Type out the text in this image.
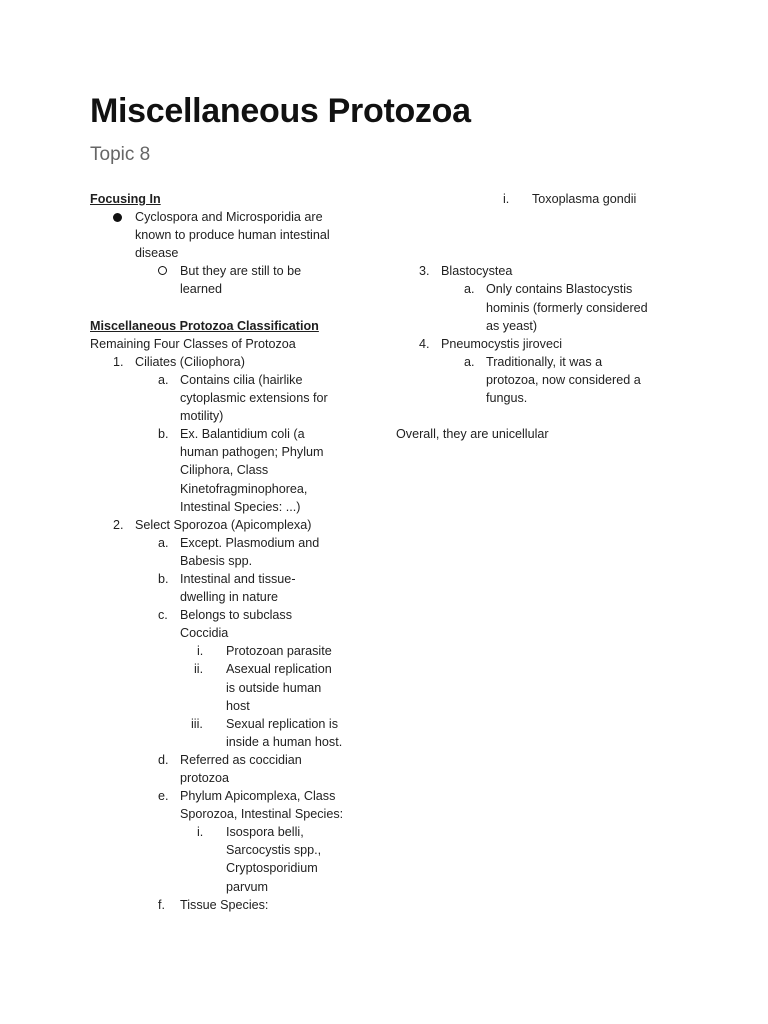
Miscellaneous Protozoa
Topic 8
Focusing In
Cyclospora and Microsporidia are known to produce human intestinal disease
But they are still to be learned
Miscellaneous Protozoa Classification
Remaining Four Classes of Protozoa
1. Ciliates (Ciliophora)
a. Contains cilia (hairlike cytoplasmic extensions for motility)
b. Ex. Balantidium coli (a human pathogen; Phylum Ciliphora, Class Kinetofragminophorea, Intestinal Species: ...)
2. Select Sporozoa (Apicomplexa)
a. Except. Plasmodium and Babesis spp.
b. Intestinal and tissue-dwelling in nature
c. Belongs to subclass Coccidia
i. Protozoan parasite
ii. Asexual replication is outside human host
iii. Sexual replication is inside a human host.
d. Referred as coccidian protozoa
e. Phylum Apicomplexa, Class Sporozoa, Intestinal Species:
i. Isospora belli, Sarcocystis spp., Cryptosporidium parvum
f. Tissue Species:
i. Toxoplasma gondii
3. Blastocystea
a. Only contains Blastocystis hominis (formerly considered as yeast)
4. Pneumocystis jiroveci
a. Traditionally, it was a protozoa, now considered a fungus.
Overall, they are unicellular
